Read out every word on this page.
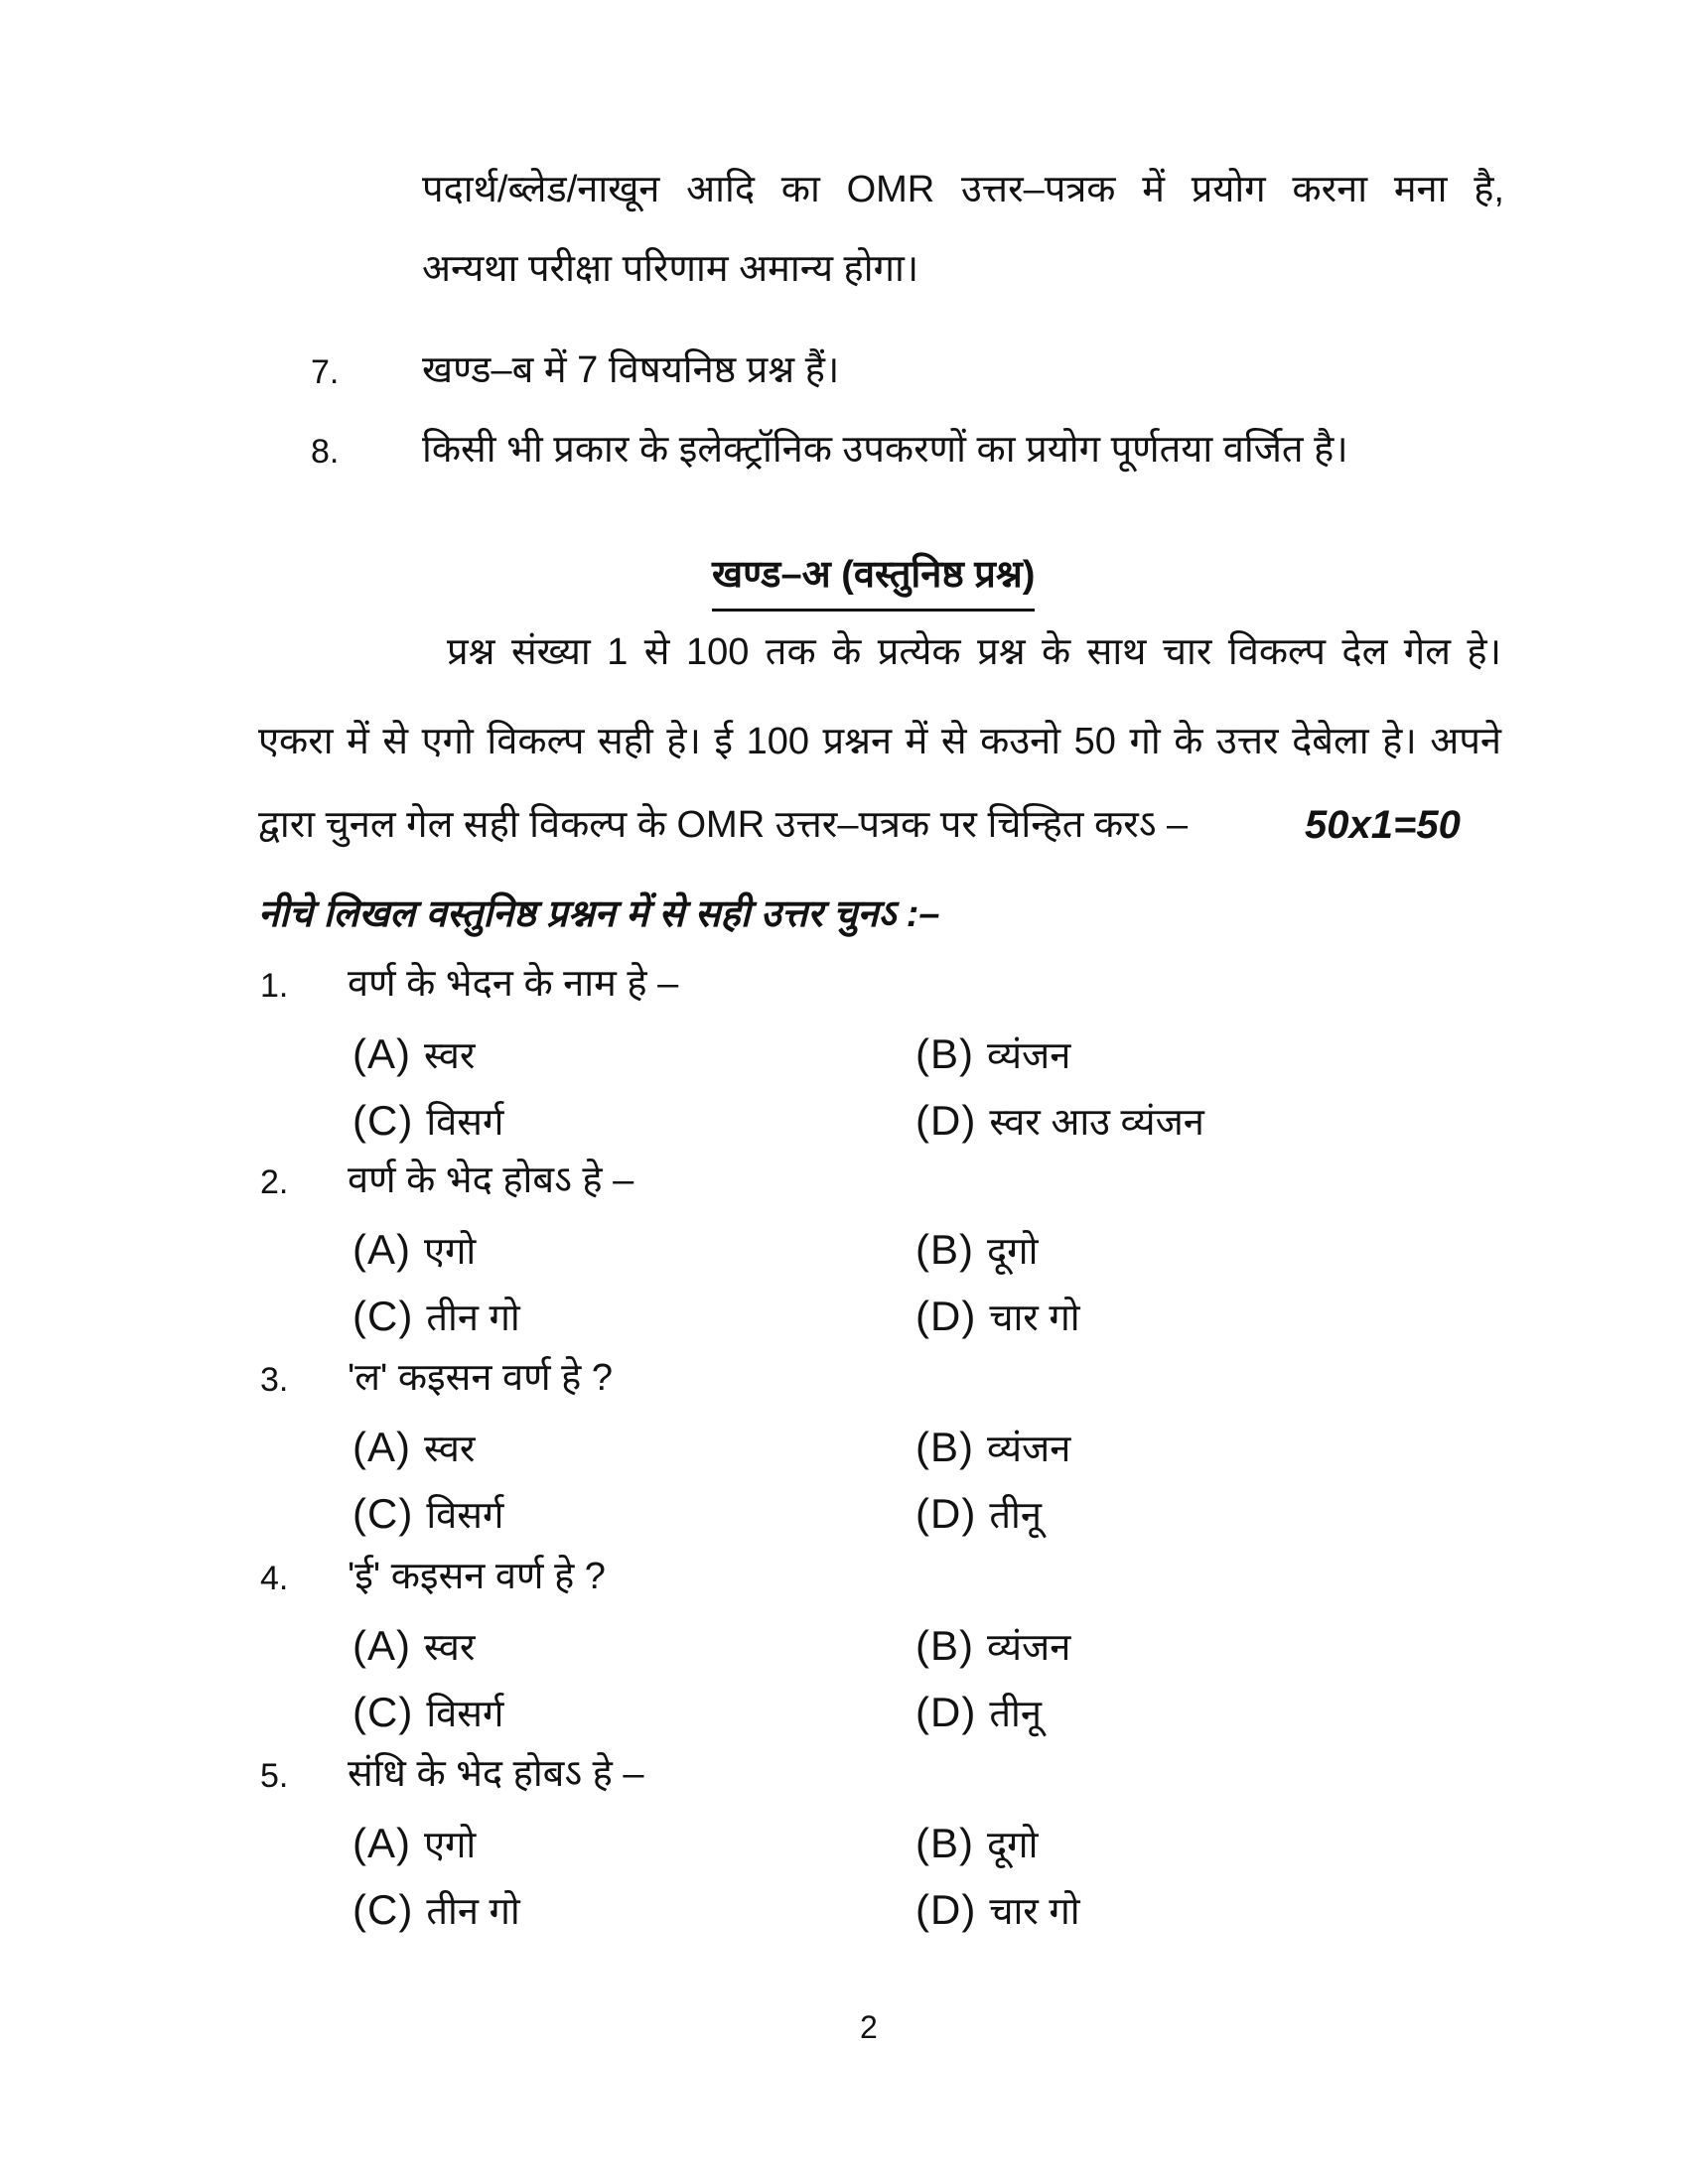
पदार्थ/ब्लेड/नाखून आदि का OMR उत्तर–पत्रक में प्रयोग करना मना है,
अन्यथा परीक्षा परिणाम अमान्य होगा।
7. खण्ड–ब में 7 विषयनिष्ठ प्रश्न हैं।
8. किसी भी प्रकार के इलेक्ट्रॉनिक उपकरणों का प्रयोग पूर्णतया वर्जित है।
खण्ड–अ (वस्तुनिष्ठ प्रश्न)
प्रश्न संख्या 1 से 100 तक के प्रत्येक प्रश्न के साथ चार विकल्प देल गेल हे।
एकरा में से एगो विकल्प सही हे। ई 100 प्रश्नन में से कउनो 50 गो के उत्तर देबेला हे। अपने
द्वारा चुनल गेल सही विकल्प के OMR उत्तर–पत्रक पर चिन्हित करऽ –	50x1=50
नीचे लिखल वस्तुनिष्ठ प्रश्नन में से सही उत्तर चुनऽ :–
1. वर्ण के भेदन के नाम हे –
(A) स्वर	(B) व्यंजन
(C) विसर्ग	(D) स्वर आउ व्यंजन
2. वर्ण के भेद होबऽ हे –
(A) एगो	(B) दूगो
(C) तीन गो	(D) चार गो
3. 'ल' कइसन वर्ण हे ?
(A) स्वर	(B) व्यंजन
(C) विसर्ग	(D) तीनू
4. 'ई' कइसन वर्ण हे ?
(A) स्वर	(B) व्यंजन
(C) विसर्ग	(D) तीनू
5. संधि के भेद होबऽ हे –
(A) एगो	(B) दूगो
(C) तीन गो	(D) चार गो
2
